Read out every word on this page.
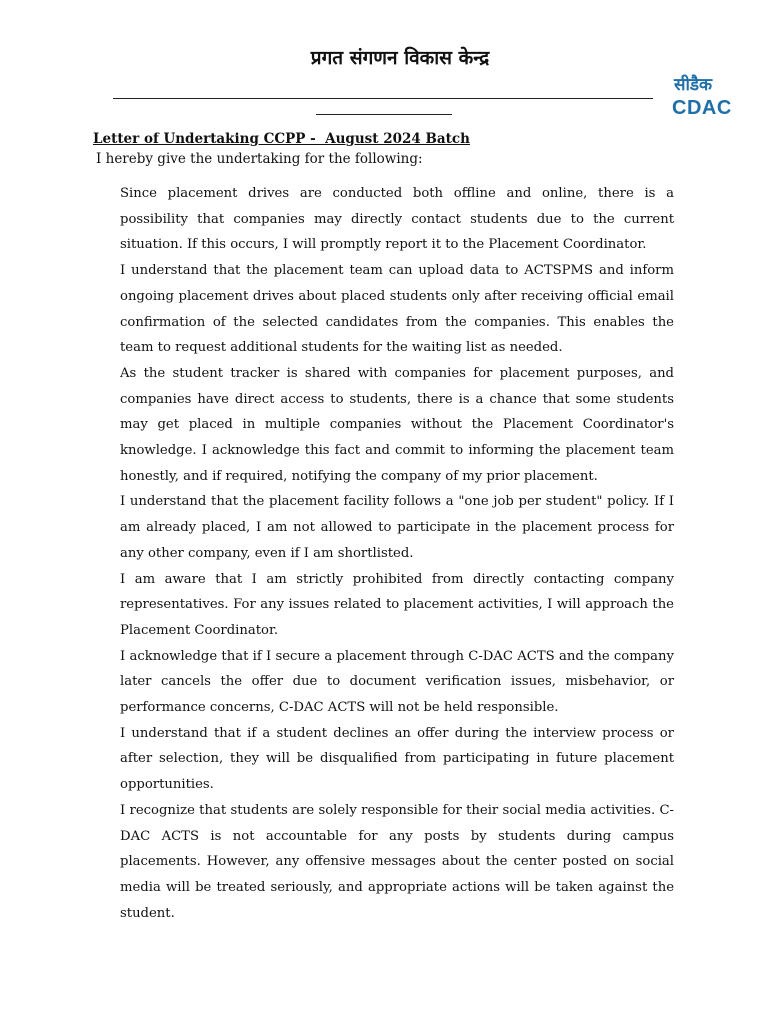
प्रगत संगणन विकास केन्द्र
सीडैक
CDAC
Letter of Undertaking CCPP -  August 2024 Batch
I hereby give the undertaking for the following:

Since placement drives are conducted both offline and online, there is a possibility that companies may directly contact students due to the current situation. If this occurs, I will promptly report it to the Placement Coordinator.

I understand that the placement team can upload data to ACTSPMS and inform ongoing placement drives about placed students only after receiving official email confirmation of the selected candidates from the companies. This enables the team to request additional students for the waiting list as needed.

As the student tracker is shared with companies for placement purposes, and companies have direct access to students, there is a chance that some students may get placed in multiple companies without the Placement Coordinator's knowledge. I acknowledge this fact and commit to informing the placement team honestly, and if required, notifying the company of my prior placement.

I understand that the placement facility follows a "one job per student" policy. If I am already placed, I am not allowed to participate in the placement process for any other company, even if I am shortlisted.

I am aware that I am strictly prohibited from directly contacting company representatives. For any issues related to placement activities, I will approach the Placement Coordinator.

I acknowledge that if I secure a placement through C-DAC ACTS and the company later cancels the offer due to document verification issues, misbehavior, or performance concerns, C-DAC ACTS will not be held responsible.

I understand that if a student declines an offer during the interview process or after selection, they will be disqualified from participating in future placement opportunities.

I recognize that students are solely responsible for their social media activities. C-DAC ACTS is not accountable for any posts by students during campus placements. However, any offensive messages about the center posted on social media will be treated seriously, and appropriate actions will be taken against the student.
